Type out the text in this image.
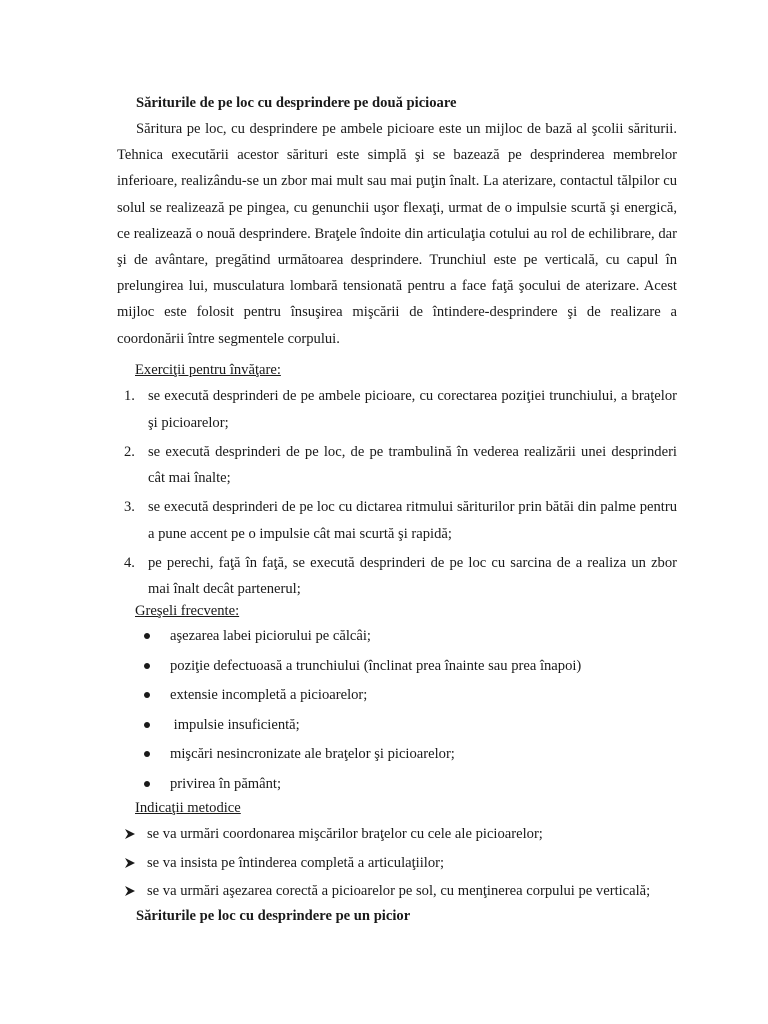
Săriturile de pe loc cu desprindere pe două picioare

Săritura pe loc, cu desprindere pe ambele picioare este un mijloc de bază al şcolii săriturii. Tehnica executării acestor sărituri este simplă şi se bazează pe desprinderea membrelor inferioare, realizându-se un zbor mai mult sau mai puţin înalt. La aterizare, contactul tălpilor cu solul se realizează pe pingea, cu genunchii uşor flexaţi, urmat de o impulsie scurtă şi energică, ce realizează o nouă desprindere. Braţele îndoite din articulaţia cotului au rol de echilibrare, dar şi de avântare, pregătind următoarea desprindere. Trunchiul este pe verticală, cu capul în prelungirea lui, musculatura lombară tensionată pentru a face faţă şocului de aterizare. Acest mijloc este folosit pentru însuşirea mişcării de întindere-desprindere şi de realizare a coordonării între segmentele corpului.

Exerciţii pentru învăţare:
1. se execută desprinderi de pe ambele picioare, cu corectarea poziţiei trunchiului, a braţelor şi picioarelor;
2. se execută desprinderi de pe loc, de pe trambulină în vederea realizării unei desprinderi cât mai înalte;
3. se execută desprinderi de pe loc cu dictarea ritmului săriturilor prin bătăi din palme pentru a pune accent pe o impulsie cât mai scurtă şi rapidă;
4. pe perechi, faţă în faţă, se execută desprinderi de pe loc cu sarcina de a realiza un zbor mai înalt decât partenerul;
Greşeli frecvente:
aşezarea labei piciorului pe călcâi;
poziţie defectuoasă a trunchiului (înclinat prea înainte sau prea înapoi)
extensie incompletă a picioarelor;
impulsie insuficientă;
mişcări nesincronizate ale braţelor şi picioarelor;
privirea în pământ;
Indicaţii metodice
se va urmări coordonarea mişcărilor braţelor cu cele ale picioarelor;
se va insista pe întinderea completă a articulaţiilor;
se va urmări aşezarea corectă a picioarelor pe sol, cu menţinerea corpului pe verticală;
Săriturile pe loc cu desprindere pe un picior
